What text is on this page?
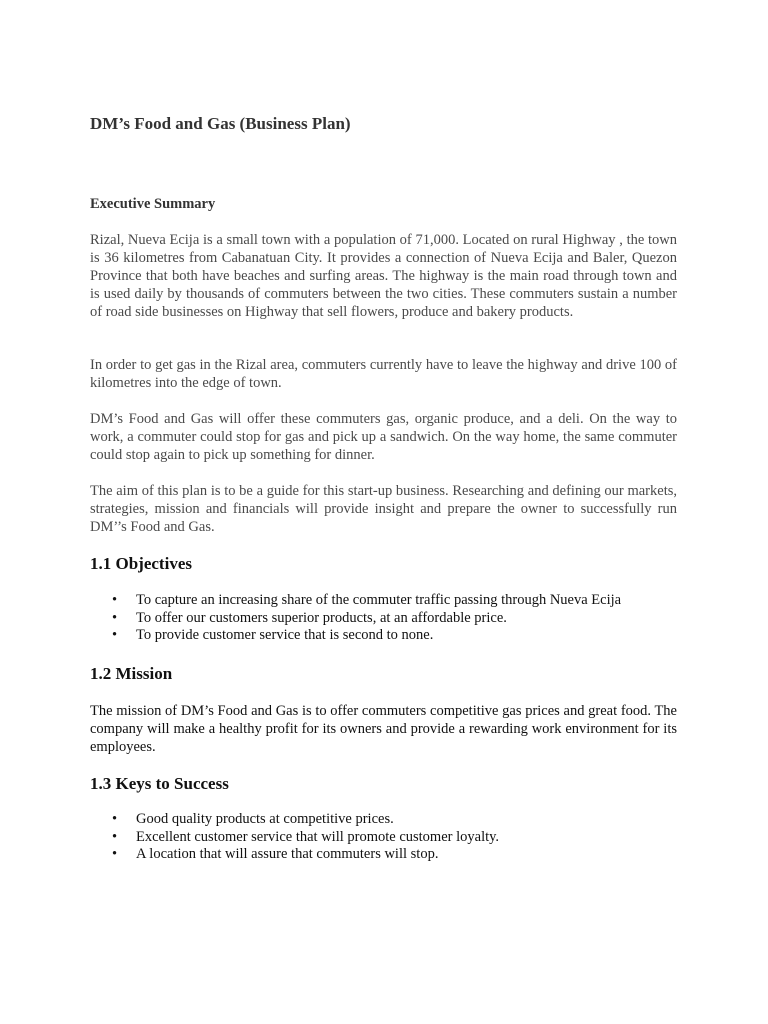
DM’s Food and Gas (Business Plan)
Executive Summary

Rizal, Nueva Ecija is a small town with a population of 71,000. Located on rural Highway , the town is 36 kilometres from Cabanatuan City. It provides a connection of Nueva Ecija and Baler, Quezon Province that both have beaches and surfing areas. The highway is the main road through town and is used daily by thousands of commuters between the two cities. These commuters sustain a number of road side businesses on Highway that sell flowers, produce and bakery products.

In order to get gas in the Rizal area, commuters currently have to leave the highway and drive 100 of kilometres into the edge of town.

DM’s Food and Gas will offer these commuters gas, organic produce, and a deli. On the way to work, a commuter could stop for gas and pick up a sandwich. On the way home, the same commuter could stop again to pick up something for dinner.

The aim of this plan is to be a guide for this start-up business. Researching and defining our markets, strategies, mission and financials will provide insight and prepare the owner to successfully run DM’’s Food and Gas.

1.1 Objectives
• To capture an increasing share of the commuter traffic passing through Nueva Ecija
• To offer our customers superior products, at an affordable price.
• To provide customer service that is second to none.
1.2 Mission

The mission of DM’s Food and Gas is to offer commuters competitive gas prices and great food. The company will make a healthy profit for its owners and provide a rewarding work environment for its employees.

1.3 Keys to Success
• Good quality products at competitive prices.
• Excellent customer service that will promote customer loyalty.
• A location that will assure that commuters will stop.
